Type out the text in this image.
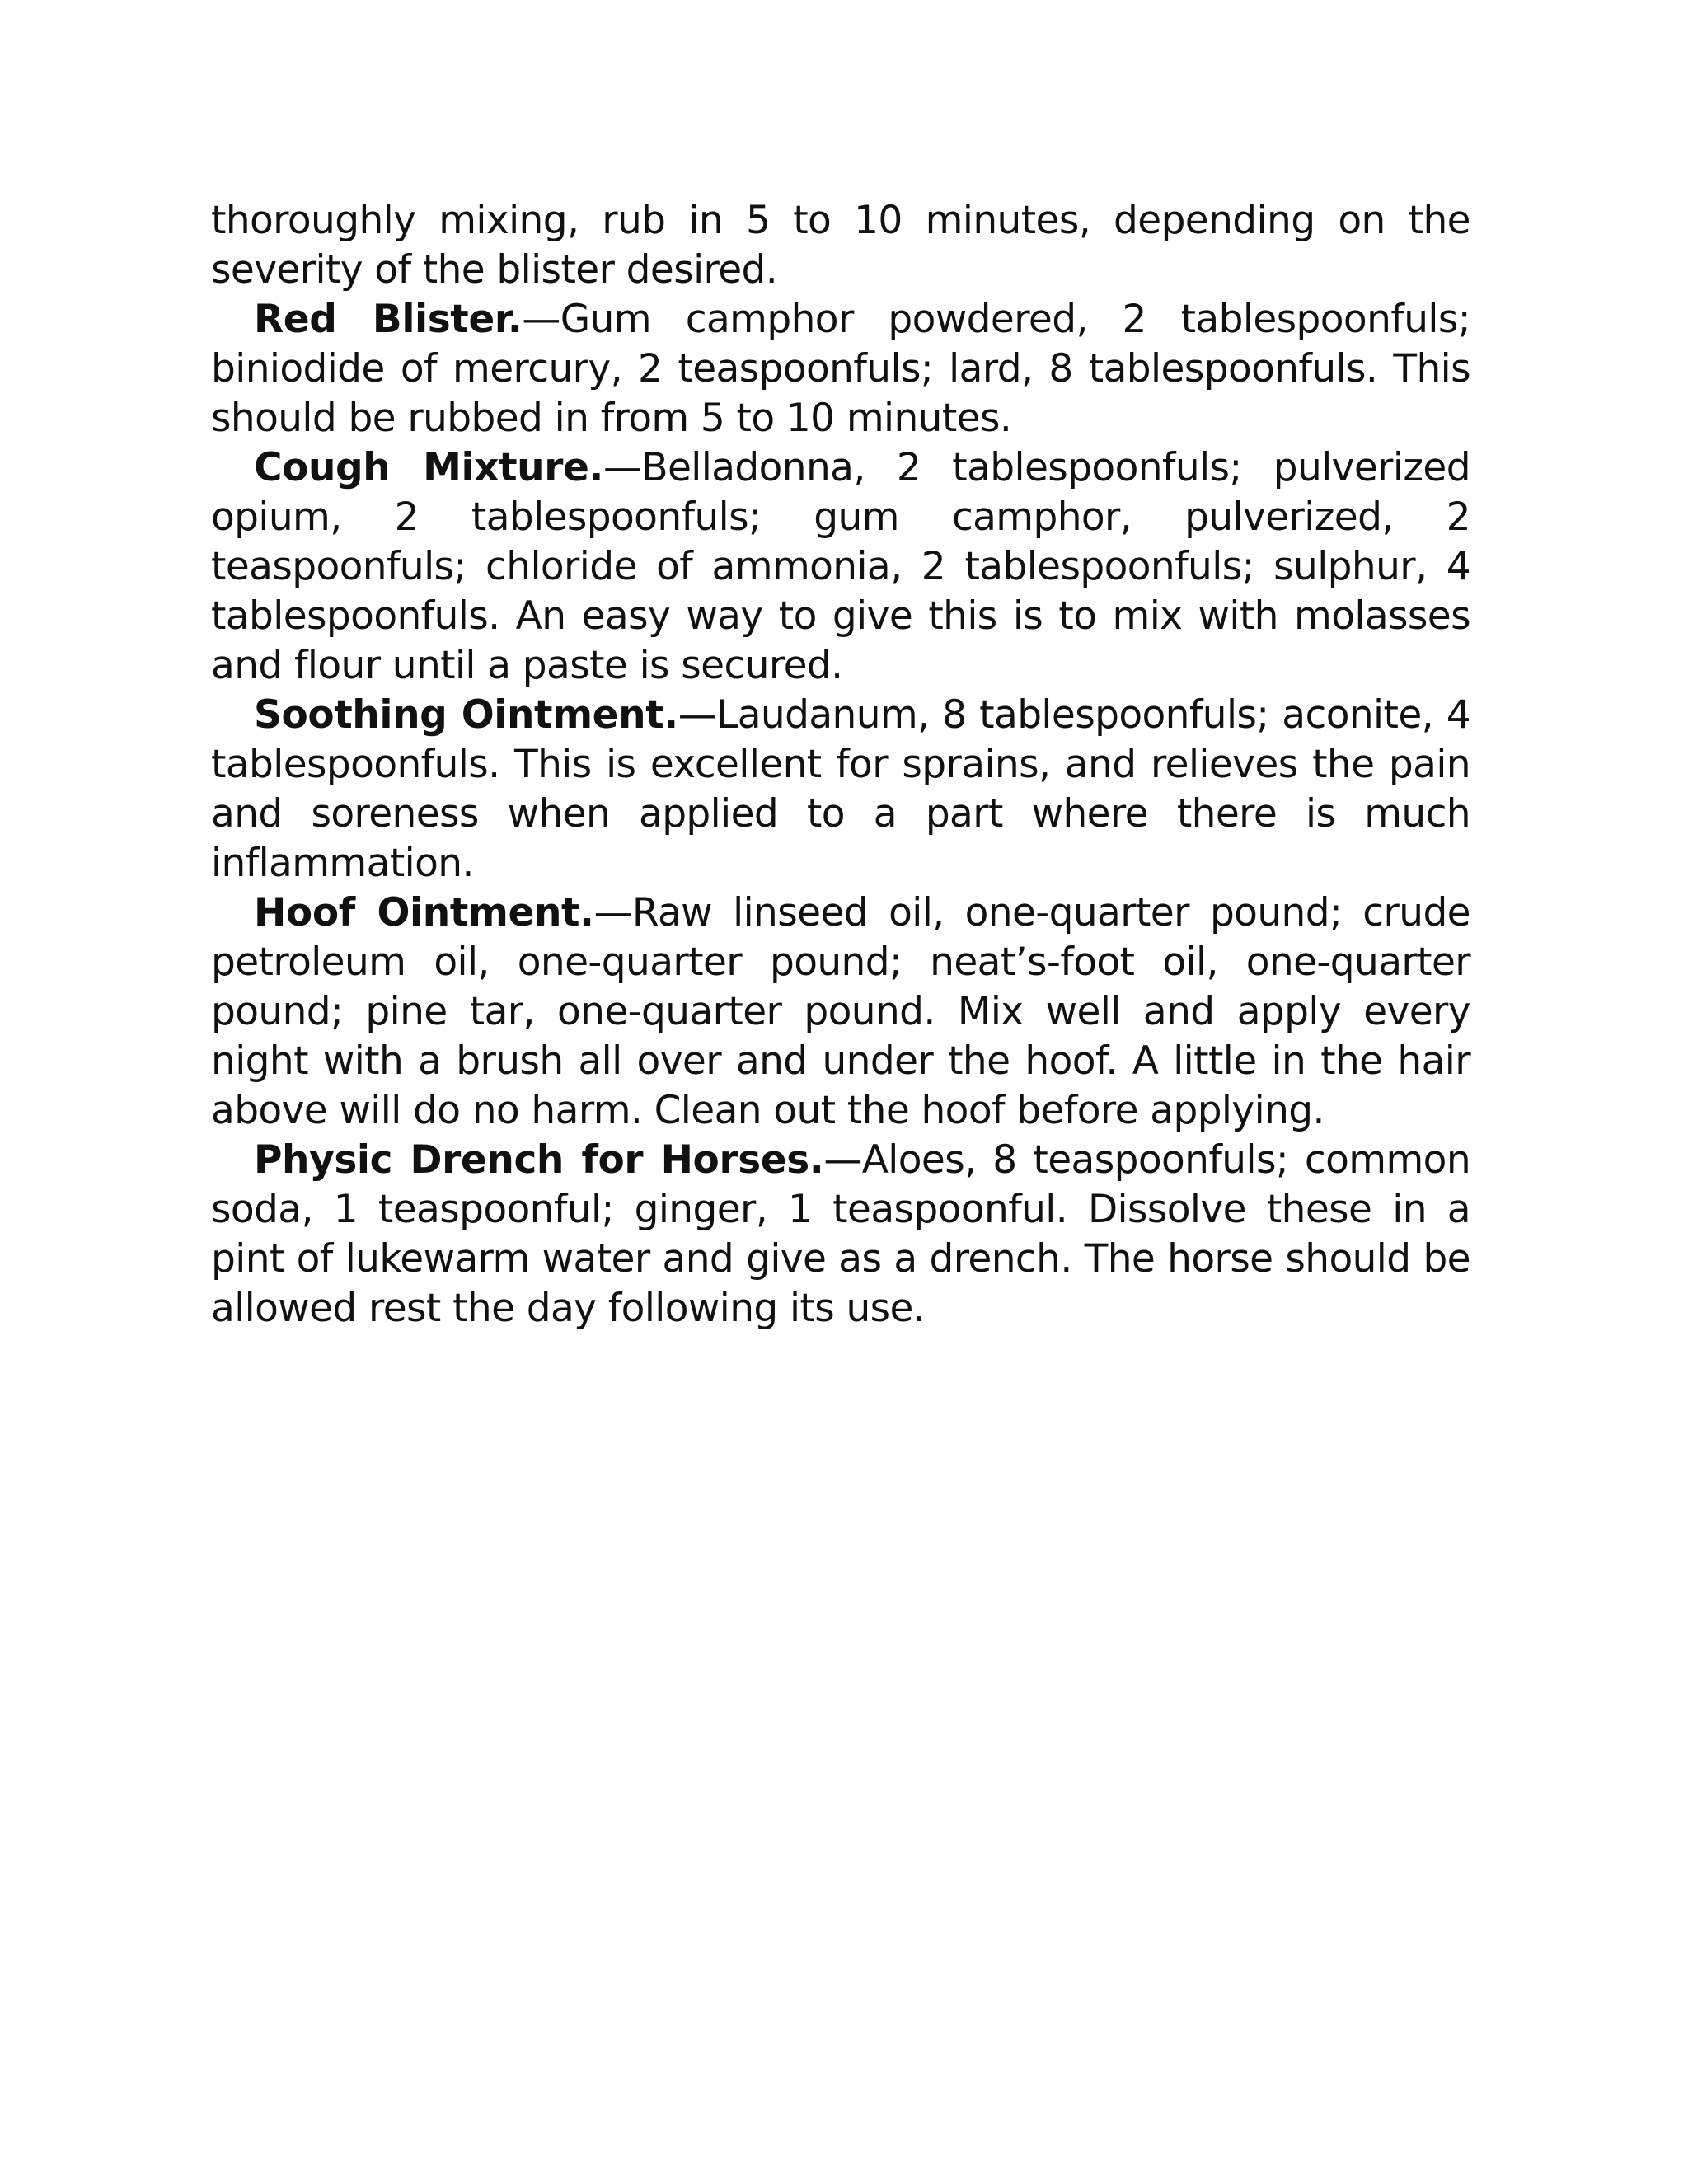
thoroughly mixing, rub in 5 to 10 minutes, depending on the severity of the blister desired.

Red Blister.—Gum camphor powdered, 2 tablespoonfuls; biniodide of mercury, 2 teaspoonfuls; lard, 8 tablespoonfuls. This should be rubbed in from 5 to 10 minutes.

Cough Mixture.—Belladonna, 2 tablespoonfuls; pulverized opium, 2 tablespoonfuls; gum camphor, pulverized, 2 teaspoonfuls; chloride of ammonia, 2 tablespoonfuls; sulphur, 4 tablespoonfuls. An easy way to give this is to mix with molasses and flour until a paste is secured.

Soothing Ointment.—Laudanum, 8 tablespoonfuls; aconite, 4 tablespoonfuls. This is excellent for sprains, and relieves the pain and soreness when applied to a part where there is much inflammation.

Hoof Ointment.—Raw linseed oil, one-quarter pound; crude petroleum oil, one-quarter pound; neat’s-foot oil, one-quarter pound; pine tar, one-quarter pound. Mix well and apply every night with a brush all over and under the hoof. A little in the hair above will do no harm. Clean out the hoof before applying.

Physic Drench for Horses.—Aloes, 8 teaspoonfuls; common soda, 1 teaspoonful; ginger, 1 teaspoonful. Dissolve these in a pint of lukewarm water and give as a drench. The horse should be allowed rest the day following its use.
